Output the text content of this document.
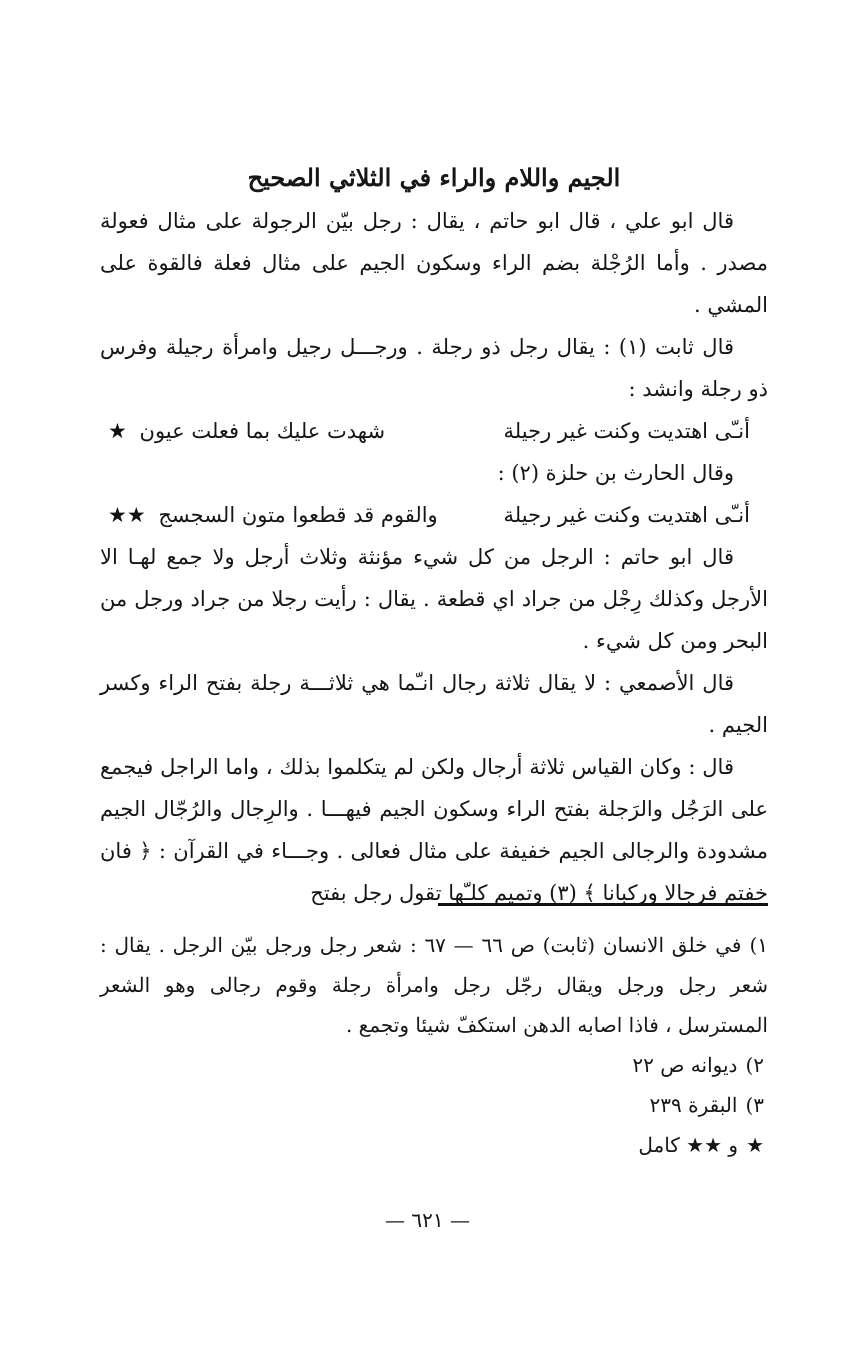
الجيم واللام والراء في الثلاثي الصحيح

قال ابو علي ، قال ابو حاتم ، يقال : رجل بيّن الرجولة على مثال فعولة مصدر . وأما الرُجْلة بضم الراء وسكون الجيم على مثال فعلة فالقوة على المشي .

قال ثابت (١) : يقال رجل ذو رجلة . ورجـــل رجيل وامرأة رجيلة وفرس ذو رجلة وانشد :

أنـّى اهتديت وكنت غير رجيلة
شهدت عليك بما فعلت عيون ★

وقال الحارث بن حلزة (٢) :

أنـّى اهتديت وكنت غير رجيلة
والقوم قد قطعوا متون السجسج ★★

قال ابو حاتم : الرجل من كل شيء مؤنثة وثلاث أرجل ولا جمع لهـا الا الأرجل وكذلك رِجْل من جراد اي قطعة . يقال : رأيت رجلا من جراد ورجل من البحر ومن كل شيء .

قال الأصمعي : لا يقال ثلاثة رجال انـّما هي ثلاثـــة رجلة بفتح الراء وكسر الجيم .

قال : وكان القياس ثلاثة أرجال ولكن لم يتكلموا بذلك ، واما الراجل فيجمع على الرَجُل والرَجلة بفتح الراء وسكون الجيم فيهـــا . والرِجال والرُجّال الجيم مشدودة والرجالى الجيم خفيفة على مثال فعالى . وجـــاء في القرآن : ﴿ فان خفتم فرجالا وركبانا ﴾ (٣) وتميم كلـّها تقول رجل بفتح

١)في خلق الانسان (ثابت) ص ٦٦ — ٦٧ : شعر رجل ورجل بيّن الرجل . يقال : شعر رجل ورجل ويقال رجّل رجل وامرأة رجلة وقوم رجالى وهو الشعر المسترسل ، فاذا اصابه الدهن استكفّ شيئا وتجمع .

٢)ديوانه ص ٢٢

٣)البقرة ٢٣٩

★و ★★ كامل

— ٦٢١ —
